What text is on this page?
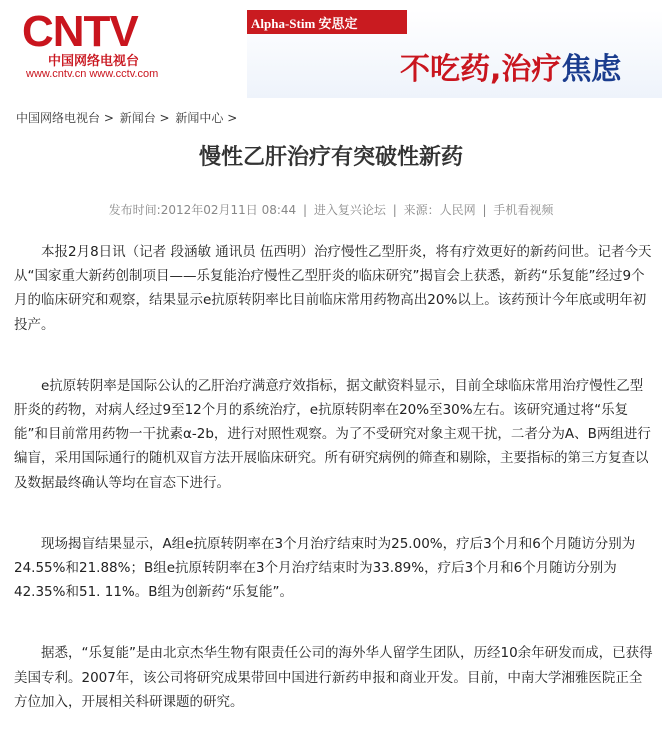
CNTV
中国网络电视台
www.cntv.cn www.cctv.com
Alpha-Stim 安思定
不吃药,治疗焦虑
中国网络电视台 > 新闻台 > 新闻中心 >
慢性乙肝治疗有突破性新药
发布时间:2012年02月11日 08:44 | 进入复兴论坛 | 来源：人民网 | 手机看视频

本报2月8日讯（记者 段涵敏 通讯员 伍西明）治疗慢性乙型肝炎，将有疗效更好的新药问世。记者今天从“国家重大新药创制项目——乐复能治疗慢性乙型肝炎的临床研究”揭盲会上获悉，新药“乐复能”经过9个月的临床研究和观察，结果显示e抗原转阴率比目前临床常用药物高出20%以上。该药预计今年底或明年初投产。

e抗原转阴率是国际公认的乙肝治疗满意疗效指标，据文献资料显示，目前全球临床常用治疗慢性乙型肝炎的药物，对病人经过9至12个月的系统治疗，e抗原转阴率在20%至30%左右。该研究通过将“乐复能”和目前常用药物一干扰素α-2b，进行对照性观察。为了不受研究对象主观干扰，二者分为A、B两组进行编盲，采用国际通行的随机双盲方法开展临床研究。所有研究病例的筛查和剔除，主要指标的第三方复查以及数据最终确认等均在盲态下进行。

现场揭盲结果显示，A组e抗原转阴率在3个月治疗结束时为25.00%，疗后3个月和6个月随访分别为24.55%和21.88%；B组e抗原转阴率在3个月治疗结束时为33.89%，疗后3个月和6个月随访分别为42.35%和51. 11%。B组为创新药“乐复能”。

据悉，“乐复能”是由北京杰华生物有限责任公司的海外华人留学生团队，历经10余年研发而成，已获得美国专利。2007年，该公司将研究成果带回中国进行新药申报和商业开发。目前，中南大学湘雅医院正全方位加入，开展相关科研课题的研究。
